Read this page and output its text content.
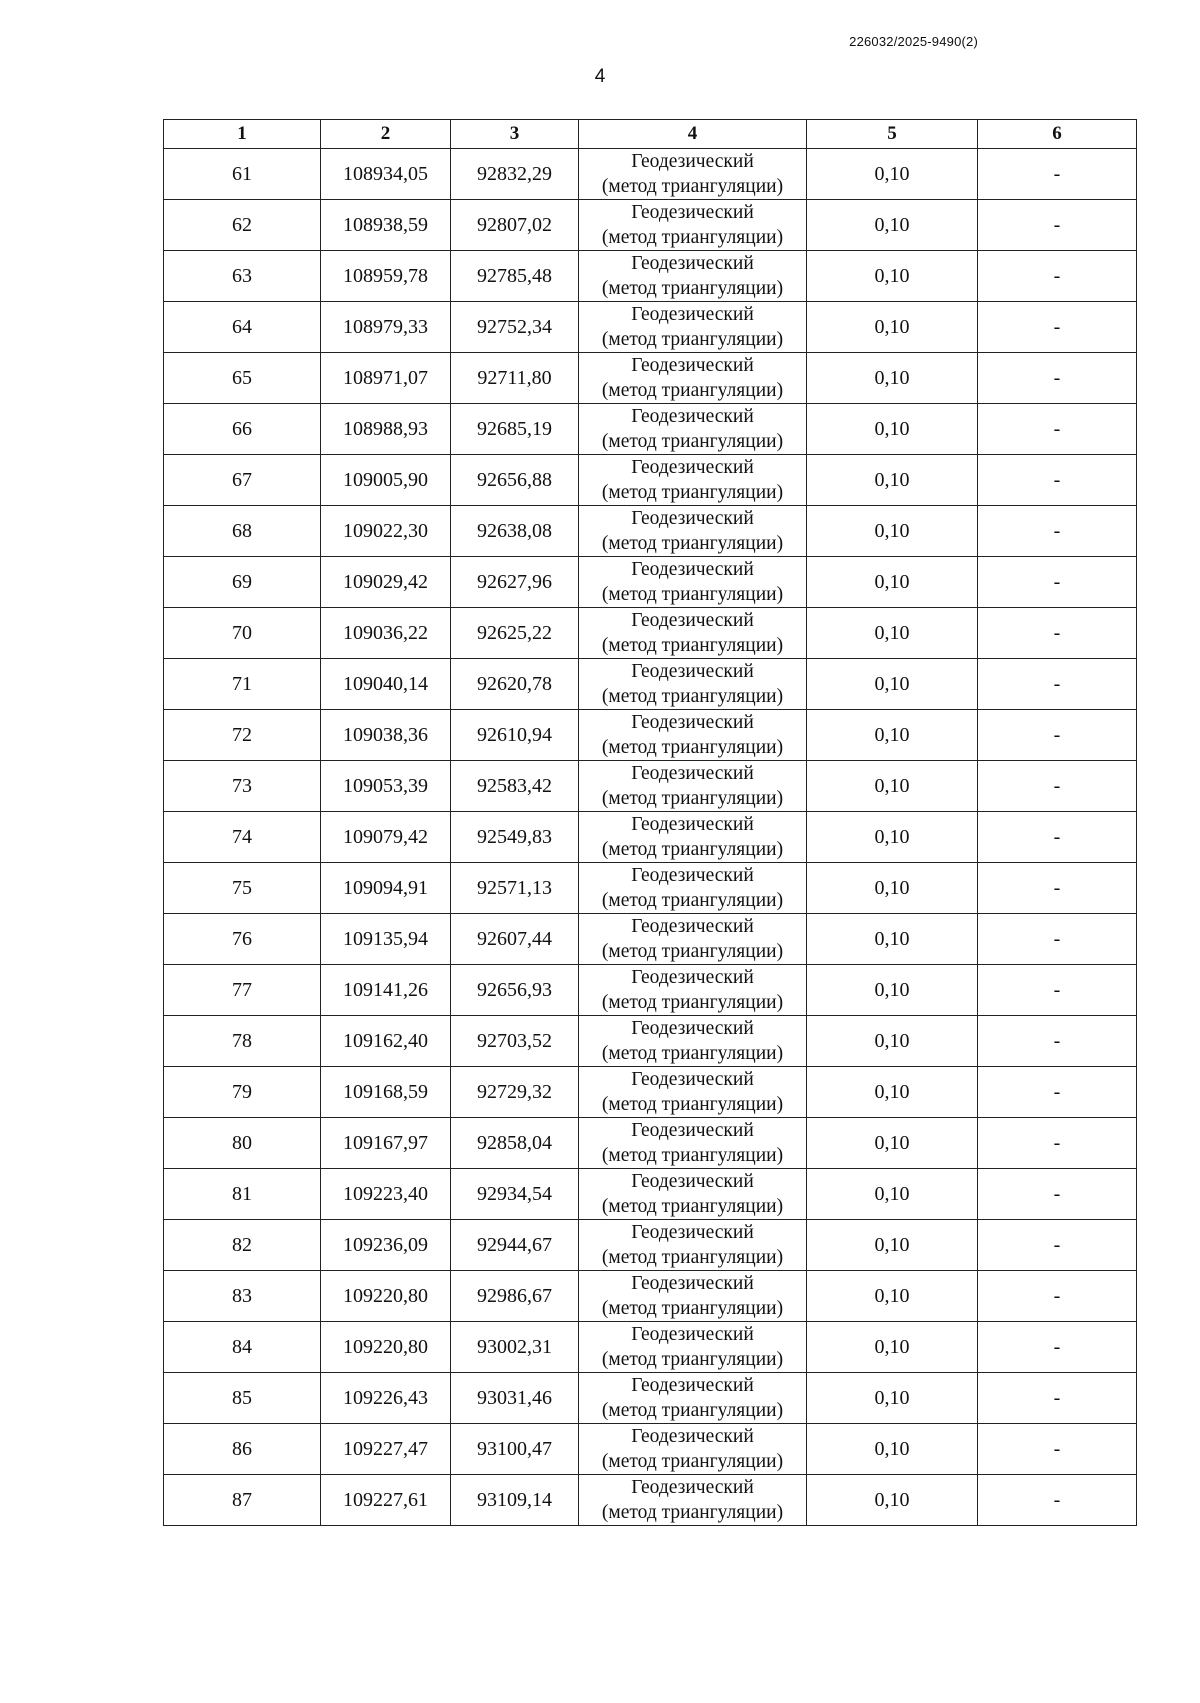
226032/2025-9490(2)
4
1	2	3	4	5	6
61	108934,05	92832,29	Геодезический
(метод триангуляции)	0,10	-
62	108938,59	92807,02	Геодезический
(метод триангуляции)	0,10	-
63	108959,78	92785,48	Геодезический
(метод триангуляции)	0,10	-
64	108979,33	92752,34	Геодезический
(метод триангуляции)	0,10	-
65	108971,07	92711,80	Геодезический
(метод триангуляции)	0,10	-
66	108988,93	92685,19	Геодезический
(метод триангуляции)	0,10	-
67	109005,90	92656,88	Геодезический
(метод триангуляции)	0,10	-
68	109022,30	92638,08	Геодезический
(метод триангуляции)	0,10	-
69	109029,42	92627,96	Геодезический
(метод триангуляции)	0,10	-
70	109036,22	92625,22	Геодезический
(метод триангуляции)	0,10	-
71	109040,14	92620,78	Геодезический
(метод триангуляции)	0,10	-
72	109038,36	92610,94	Геодезический
(метод триангуляции)	0,10	-
73	109053,39	92583,42	Геодезический
(метод триангуляции)	0,10	-
74	109079,42	92549,83	Геодезический
(метод триангуляции)	0,10	-
75	109094,91	92571,13	Геодезический
(метод триангуляции)	0,10	-
76	109135,94	92607,44	Геодезический
(метод триангуляции)	0,10	-
77	109141,26	92656,93	Геодезический
(метод триангуляции)	0,10	-
78	109162,40	92703,52	Геодезический
(метод триангуляции)	0,10	-
79	109168,59	92729,32	Геодезический
(метод триангуляции)	0,10	-
80	109167,97	92858,04	Геодезический
(метод триангуляции)	0,10	-
81	109223,40	92934,54	Геодезический
(метод триангуляции)	0,10	-
82	109236,09	92944,67	Геодезический
(метод триангуляции)	0,10	-
83	109220,80	92986,67	Геодезический
(метод триангуляции)	0,10	-
84	109220,80	93002,31	Геодезический
(метод триангуляции)	0,10	-
85	109226,43	93031,46	Геодезический
(метод триангуляции)	0,10	-
86	109227,47	93100,47	Геодезический
(метод триангуляции)	0,10	-
87	109227,61	93109,14	Геодезический
(метод триангуляции)	0,10	-
